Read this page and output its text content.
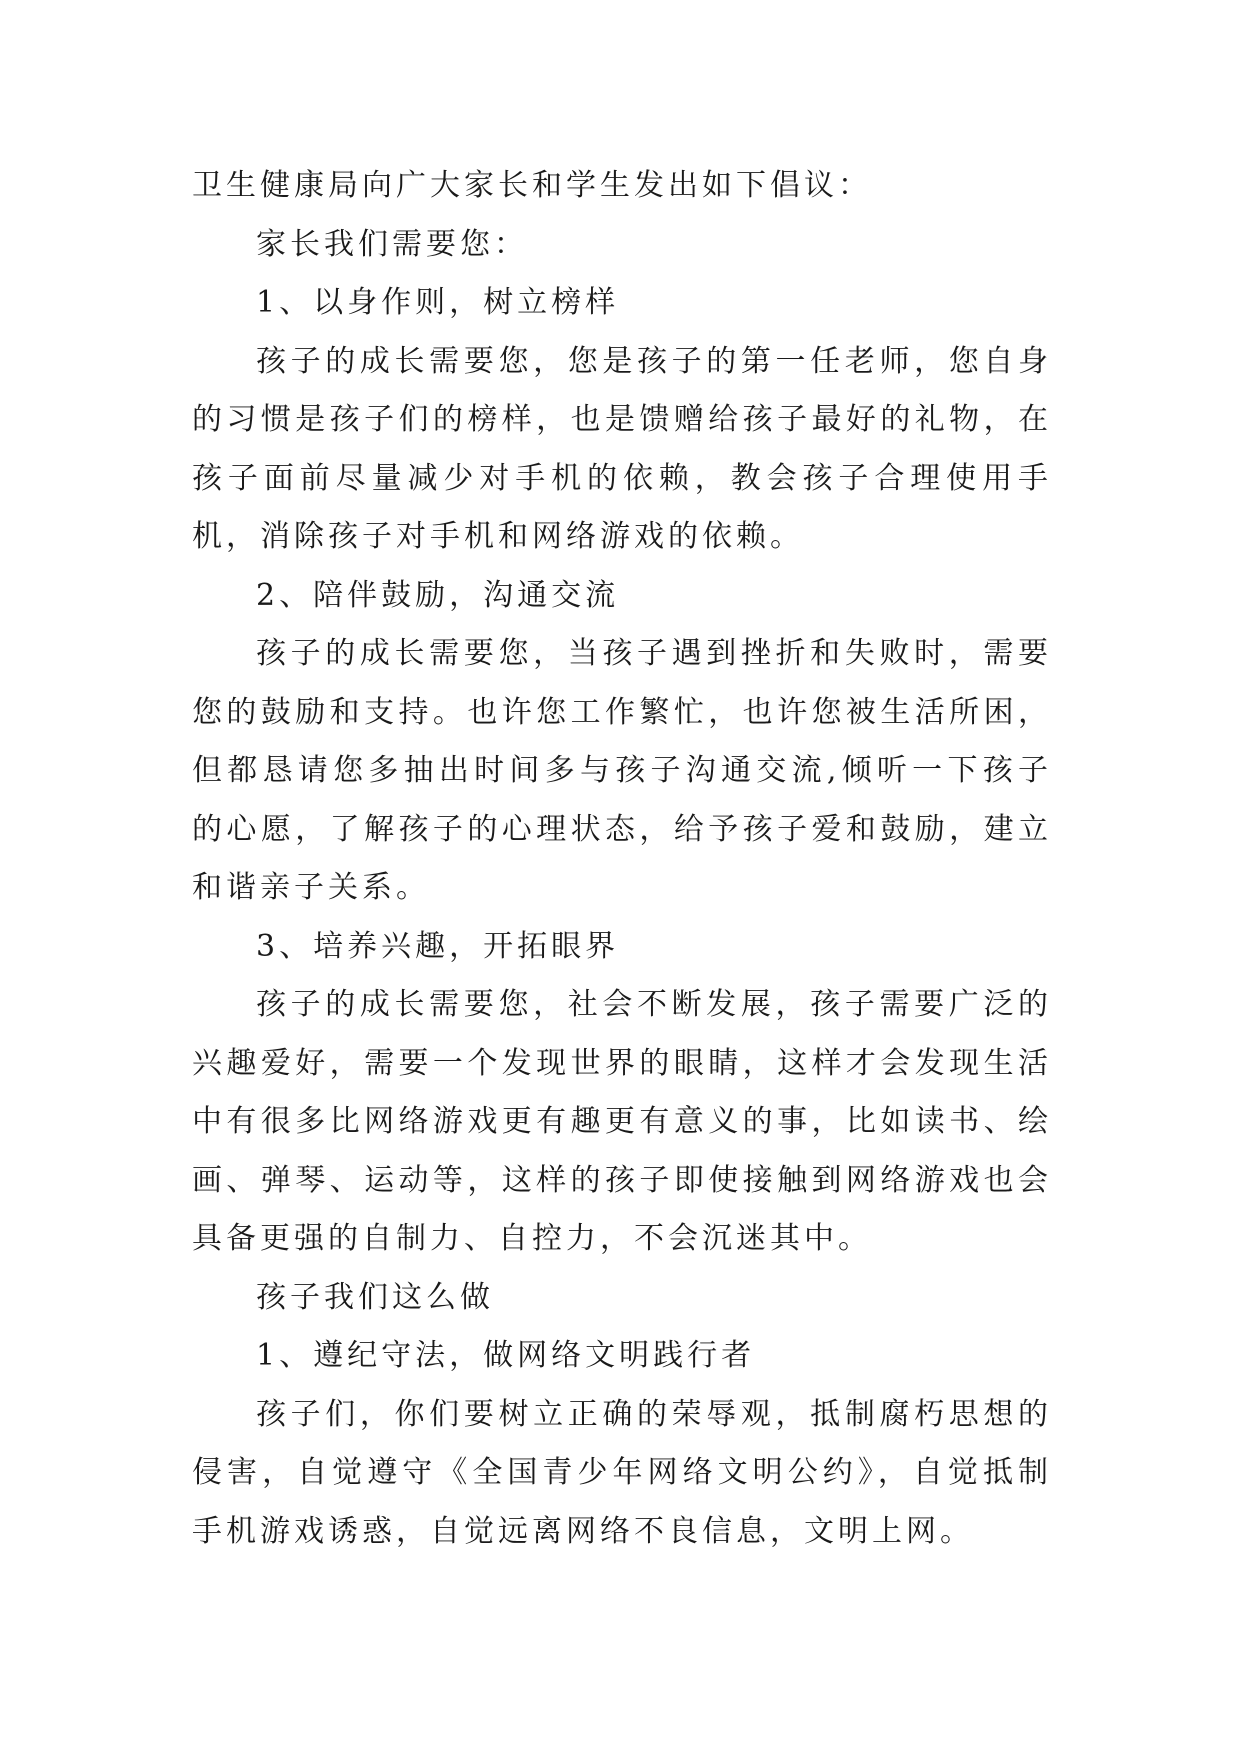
卫生健康局向广大家长和学生发出如下倡议：

家长我们需要您：

1、以身作则，树立榜样

孩子的成长需要您，您是孩子的第一任老师，您自身的习惯是孩子们的榜样，也是馈赠给孩子最好的礼物，在孩子面前尽量减少对手机的依赖，教会孩子合理使用手机，消除孩子对手机和网络游戏的依赖。

2、陪伴鼓励，沟通交流

孩子的成长需要您，当孩子遇到挫折和失败时，需要您的鼓励和支持。也许您工作繁忙，也许您被生活所困，但都恳请您多抽出时间多与孩子沟通交流,倾听一下孩子的心愿，了解孩子的心理状态，给予孩子爱和鼓励，建立和谐亲子关系。

3、培养兴趣，开拓眼界

孩子的成长需要您，社会不断发展，孩子需要广泛的兴趣爱好，需要一个发现世界的眼睛，这样才会发现生活中有很多比网络游戏更有趣更有意义的事，比如读书、绘画、弹琴、运动等，这样的孩子即使接触到网络游戏也会具备更强的自制力、自控力，不会沉迷其中。

孩子我们这么做

1、遵纪守法，做网络文明践行者

孩子们，你们要树立正确的荣辱观，抵制腐朽思想的侵害，自觉遵守《全国青少年网络文明公约》，自觉抵制手机游戏诱惑，自觉远离网络不良信息，文明上网。
